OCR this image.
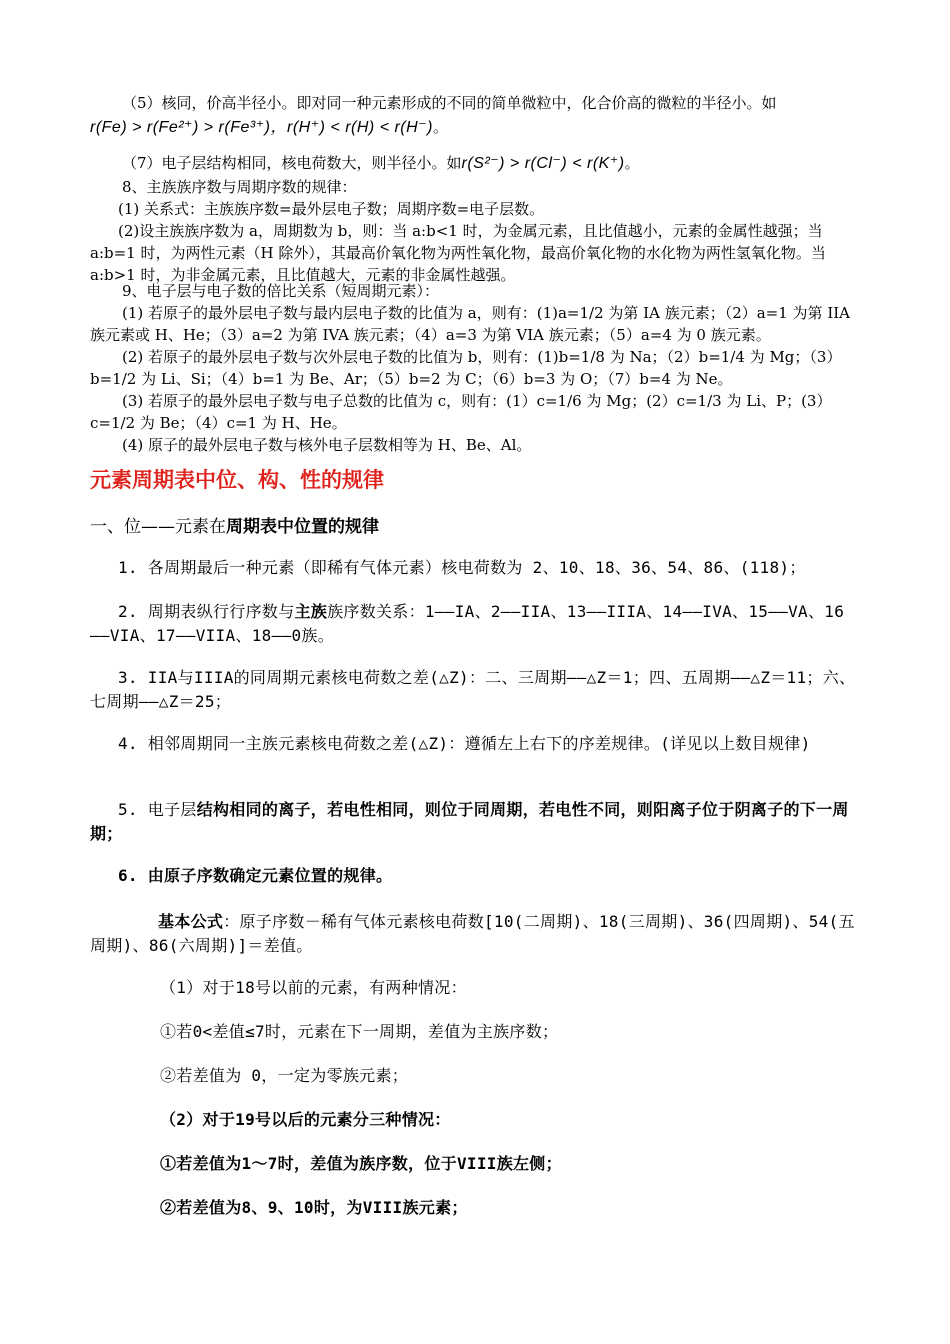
（5）核同，价高半径小。即对同一种元素形成的不同的简单微粒中，化合价高的微粒的半径小。如

r(Fe) > r(Fe²⁺) > r(Fe³⁺)，r(H⁺) < r(H) < r(H⁻)。

（7）电子层结构相同，核电荷数大，则半径小。如r(S²⁻) > r(Cl⁻) < r(K⁺)。

8、主族族序数与周期序数的规律：

(1) 关系式：主族族序数=最外层电子数；周期序数=电子层数。

(2)设主族族序数为 a，周期数为 b，则：当 a:b<1 时，为金属元素，且比值越小，元素的金属性越强；当 a:b=1 时，为两性元素（H 除外），其最高价氧化物为两性氧化物，最高价氧化物的水化物为两性氢氧化物。当 a:b>1 时，为非金属元素，且比值越大，元素的非金属性越强。

9、电子层与电子数的倍比关系（短周期元素）：

(1) 若原子的最外层电子数与最内层电子数的比值为 a，则有：(1)a=1/2 为第 IA 族元素；（2）a=1 为第 IIA 族元素或 H、He；（3）a=2 为第 IVA 族元素；（4）a=3 为第 VIA 族元素；（5）a=4 为 0 族元素。

(2) 若原子的最外层电子数与次外层电子数的比值为 b，则有：(1)b=1/8 为 Na；（2）b=1/4 为 Mg；（3）b=1/2 为 Li、Si；（4）b=1 为 Be、Ar；（5）b=2 为 C；（6）b=3 为 O；（7）b=4 为 Ne。

(3) 若原子的最外层电子数与电子总数的比值为 c，则有：(1）c=1/6 为 Mg；(2）c=1/3 为 Li、P；(3）c=1/2 为 Be；（4）c=1 为 H、He。

(4) 原子的最外层电子数与核外电子层数相等为 H、Be、Al。

元素周期表中位、构、性的规律

一、位——元素在周期表中位置的规律

1. 各周期最后一种元素（即稀有气体元素）核电荷数为 2、10、18、36、54、86、(118)；

2. 周期表纵行行序数与主族族序数关系：1——IA、2——IIA、13——IIIA、14——IVA、15——VA、16——VIA、17——VIIA、18——0族。

3. IIA与IIIA的同周期元素核电荷数之差(△Z)：二、三周期——△Z＝1；四、五周期——△Z＝11；六、七周期——△Z＝25；

4. 相邻周期同一主族元素核电荷数之差(△Z)：遵循左上右下的序差规律。(详见以上数目规律)

5. 电子层结构相同的离子，若电性相同，则位于同周期，若电性不同，则阳离子位于阴离子的下一周期；

6. 由原子序数确定元素位置的规律。

基本公式：原子序数－稀有气体元素核电荷数[10(二周期)、18(三周期)、36(四周期)、54(五周期)、86(六周期)]＝差值。

（1）对于18号以前的元素，有两种情况：

①若0<差值≤7时，元素在下一周期，差值为主族序数；

②若差值为 0，一定为零族元素；

（2）对于19号以后的元素分三种情况：

①若差值为1～7时，差值为族序数，位于VIII族左侧；

②若差值为8、9、10时，为VIII族元素；
